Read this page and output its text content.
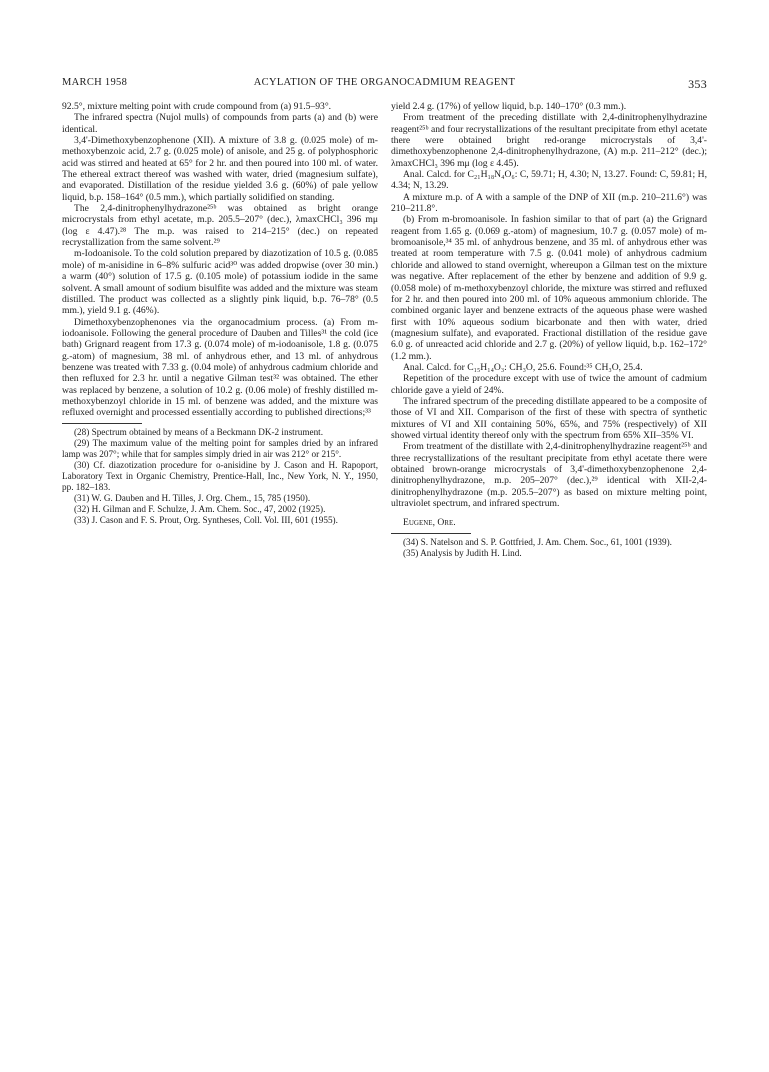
MARCH 1958	ACYLATION OF THE ORGANOCADMIUM REAGENT	353

92.5°, mixture melting point with crude compound from (a) 91.5–93°.

The infrared spectra (Nujol mulls) of compounds from parts (a) and (b) were identical.

3,4'-Dimethoxybenzophenone (XII). A mixture of 3.8 g. (0.025 mole) of m-methoxybenzoic acid, 2.7 g. (0.025 mole) of anisole, and 25 g. of polyphosphoric acid was stirred and heated at 65° for 2 hr. and then poured into 100 ml. of water. The ethereal extract thereof was washed with water, dried (magnesium sulfate), and evaporated. Distillation of the residue yielded 3.6 g. (60%) of pale yellow liquid, b.p. 158–164° (0.5 mm.), which partially solidified on standing.

The 2,4-dinitrophenylhydrazone²⁵ᵇ was obtained as bright orange microcrystals from ethyl acetate, m.p. 205.5–207° (dec.), λmaxCHCl₃ 396 mμ (log ε 4.47).²⁸ The m.p. was raised to 214–215° (dec.) on repeated recrystallization from the same solvent.²⁹

m-Iodoanisole. To the cold solution prepared by diazotization of 10.5 g. (0.085 mole) of m-anisidine in 6–8% sulfuric acid³⁰ was added dropwise (over 30 min.) a warm (40°) solution of 17.5 g. (0.105 mole) of potassium iodide in the same solvent. A small amount of sodium bisulfite was added and the mixture was steam distilled. The product was collected as a slightly pink liquid, b.p. 76–78° (0.5 mm.), yield 9.1 g. (46%).

Dimethoxybenzophenones via the organocadmium process. (a) From m-iodoanisole. Following the general procedure of Dauben and Tilles³¹ the cold (ice bath) Grignard reagent from 17.3 g. (0.074 mole) of m-iodoanisole, 1.8 g. (0.075 g.-atom) of magnesium, 38 ml. of anhydrous ether, and 13 ml. of anhydrous benzene was treated with 7.33 g. (0.04 mole) of anhydrous cadmium chloride and then refluxed for 2.3 hr. until a negative Gilman test³² was obtained. The ether was replaced by benzene, a solution of 10.2 g. (0.06 mole) of freshly distilled m-methoxybenzoyl chloride in 15 ml. of benzene was added, and the mixture was refluxed overnight and processed essentially according to published directions;³³

(28) Spectrum obtained by means of a Beckmann DK-2 instrument.

(29) The maximum value of the melting point for samples dried by an infrared lamp was 207°; while that for samples simply dried in air was 212° or 215°.

(30) Cf. diazotization procedure for o-anisidine by J. Cason and H. Rapoport, Laboratory Text in Organic Chemistry, Prentice-Hall, Inc., New York, N. Y., 1950, pp. 182–183.

(31) W. G. Dauben and H. Tilles, J. Org. Chem., 15, 785 (1950).

(32) H. Gilman and F. Schulze, J. Am. Chem. Soc., 47, 2002 (1925).

(33) J. Cason and F. S. Prout, Org. Syntheses, Coll. Vol. III, 601 (1955).

yield 2.4 g. (17%) of yellow liquid, b.p. 140–170° (0.3 mm.).

From treatment of the preceding distillate with 2,4-dinitrophenylhydrazine reagent²⁵ᵇ and four recrystallizations of the resultant precipitate from ethyl acetate there were obtained bright red-orange microcrystals of 3,4'-dimethoxybenzophenone 2,4-dinitrophenylhydrazone, (A) m.p. 211–212° (dec.); λmaxCHCl₃ 396 mμ (log ε 4.45).

Anal. Calcd. for C₂₁H₁₈N₄O₆: C, 59.71; H, 4.30; N, 13.27. Found: C, 59.81; H, 4.34; N, 13.29.

A mixture m.p. of A with a sample of the DNP of XII (m.p. 210–211.6°) was 210–211.8°.

(b) From m-bromoanisole. In fashion similar to that of part (a) the Grignard reagent from 1.65 g. (0.069 g.-atom) of magnesium, 10.7 g. (0.057 mole) of m-bromoanisole,³⁴ 35 ml. of anhydrous benzene, and 35 ml. of anhydrous ether was treated at room temperature with 7.5 g. (0.041 mole) of anhydrous cadmium chloride and allowed to stand overnight, whereupon a Gilman test on the mixture was negative. After replacement of the ether by benzene and addition of 9.9 g. (0.058 mole) of m-methoxybenzoyl chloride, the mixture was stirred and refluxed for 2 hr. and then poured into 200 ml. of 10% aqueous ammonium chloride. The combined organic layer and benzene extracts of the aqueous phase were washed first with 10% aqueous sodium bicarbonate and then with water, dried (magnesium sulfate), and evaporated. Fractional distillation of the residue gave 6.0 g. of unreacted acid chloride and 2.7 g. (20%) of yellow liquid, b.p. 162–172° (1.2 mm.).

Anal. Calcd. for C₁₅H₁₄O₃: CH₃O, 25.6. Found:³⁵ CH₃O, 25.4.

Repetition of the procedure except with use of twice the amount of cadmium chloride gave a yield of 24%.

The infrared spectrum of the preceding distillate appeared to be a composite of those of VI and XII. Comparison of the first of these with spectra of synthetic mixtures of VI and XII containing 50%, 65%, and 75% (respectively) of XII showed virtual identity thereof only with the spectrum from 65% XII–35% VI.

From treatment of the distillate with 2,4-dinitrophenylhydrazine reagent²⁵ᵇ and three recrystallizations of the resultant precipitate from ethyl acetate there were obtained brown-orange microcrystals of 3,4'-dimethoxybenzophenone 2,4-dinitrophenylhydrazone, m.p. 205–207° (dec.),²⁹ identical with XII-2,4-dinitrophenylhydrazone (m.p. 205.5–207°) as based on mixture melting point, ultraviolet spectrum, and infrared spectrum.

Eugene, Ore.

(34) S. Natelson and S. P. Gottfried, J. Am. Chem. Soc., 61, 1001 (1939).

(35) Analysis by Judith H. Lind.
